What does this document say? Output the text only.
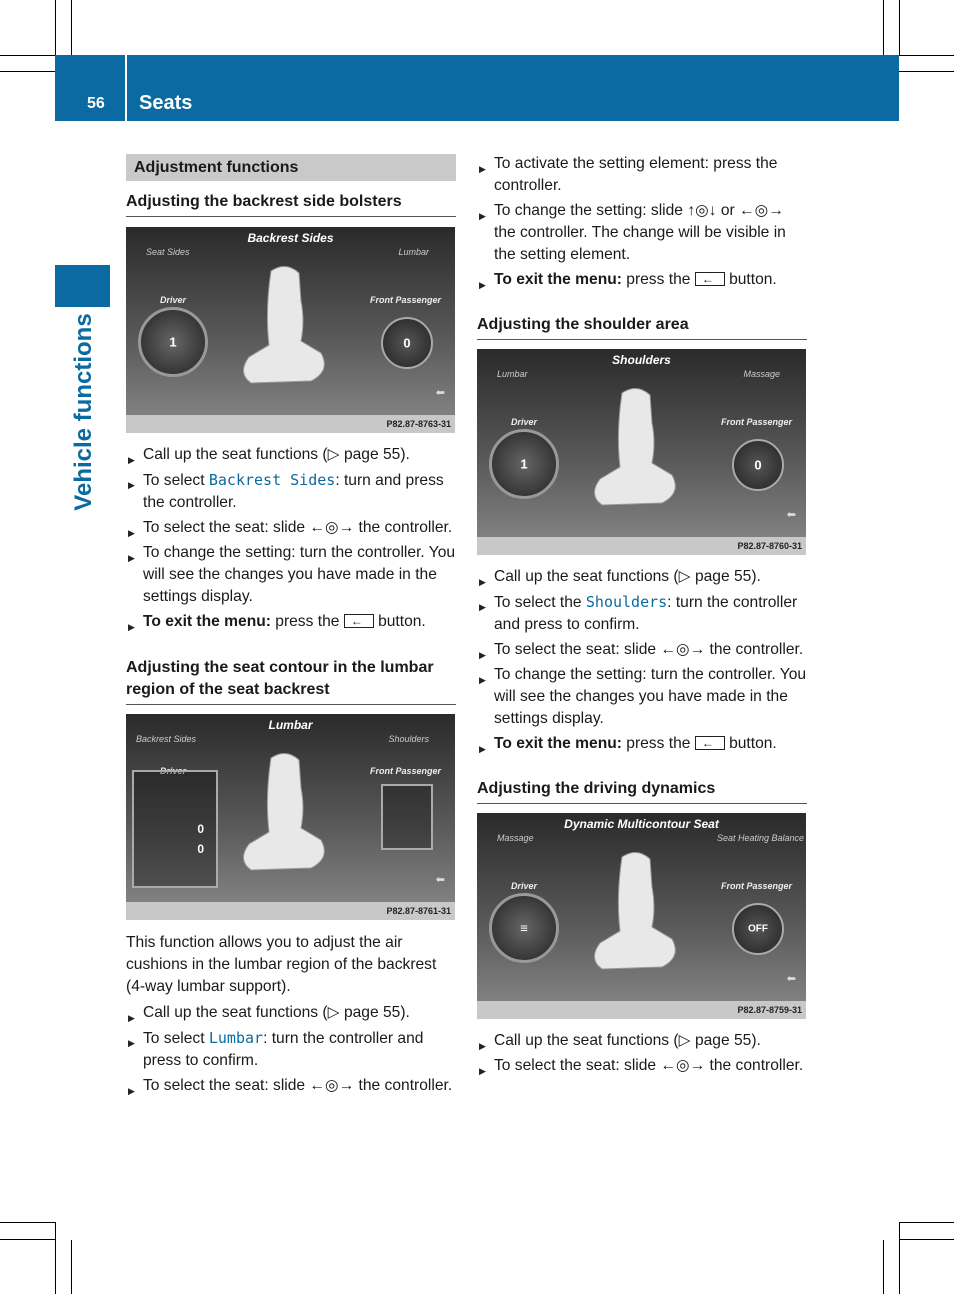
56 Seats
Vehicle functions
Adjustment functions
Adjusting the backrest side bolsters
Backrest Sides
Seat Sides	Lumbar
Driver	Front Passenger
1	0
⬅
P82.87-8763-31
▶ Call up the seat functions (▷ page 55).
▶ To select Backrest Sides: turn and press the controller.
▶ To select the seat: slide ←◎→ the controller.
▶ To change the setting: turn the controller. You will see the changes you have made in the settings display.
▶ To exit the menu: press the ← button.
Adjusting the seat contour in the lumbar region of the seat backrest
Lumbar
Backrest Sides	Shoulders
Driver	Front Passenger
0
0
⬅
P82.87-8761-31

This function allows you to adjust the air cushions in the lumbar region of the backrest (4-way lumbar support).

▶ Call up the seat functions (▷ page 55).
▶ To select Lumbar: turn the controller and press to confirm.
▶ To select the seat: slide ←◎→ the controller.
▶ To activate the setting element: press the controller.
▶ To change the setting: slide ↑◎↓ or ←◎→ the controller. The change will be visible in the setting element.
▶ To exit the menu: press the ← button.
Adjusting the shoulder area
Shoulders
Lumbar	Massage
Driver	Front Passenger
1	0
⬅
P82.87-8760-31
▶ Call up the seat functions (▷ page 55).
▶ To select the Shoulders: turn the controller and press to confirm.
▶ To select the seat: slide ←◎→ the controller.
▶ To change the setting: turn the controller. You will see the changes you have made in the settings display.
▶ To exit the menu: press the ← button.
Adjusting the driving dynamics
Dynamic Multicontour Seat
Massage	Seat Heating Balance
Driver	Front Passenger
≡	OFF
⬅
P82.87-8759-31
▶ Call up the seat functions (▷ page 55).
▶ To select the seat: slide ←◎→ the controller.
